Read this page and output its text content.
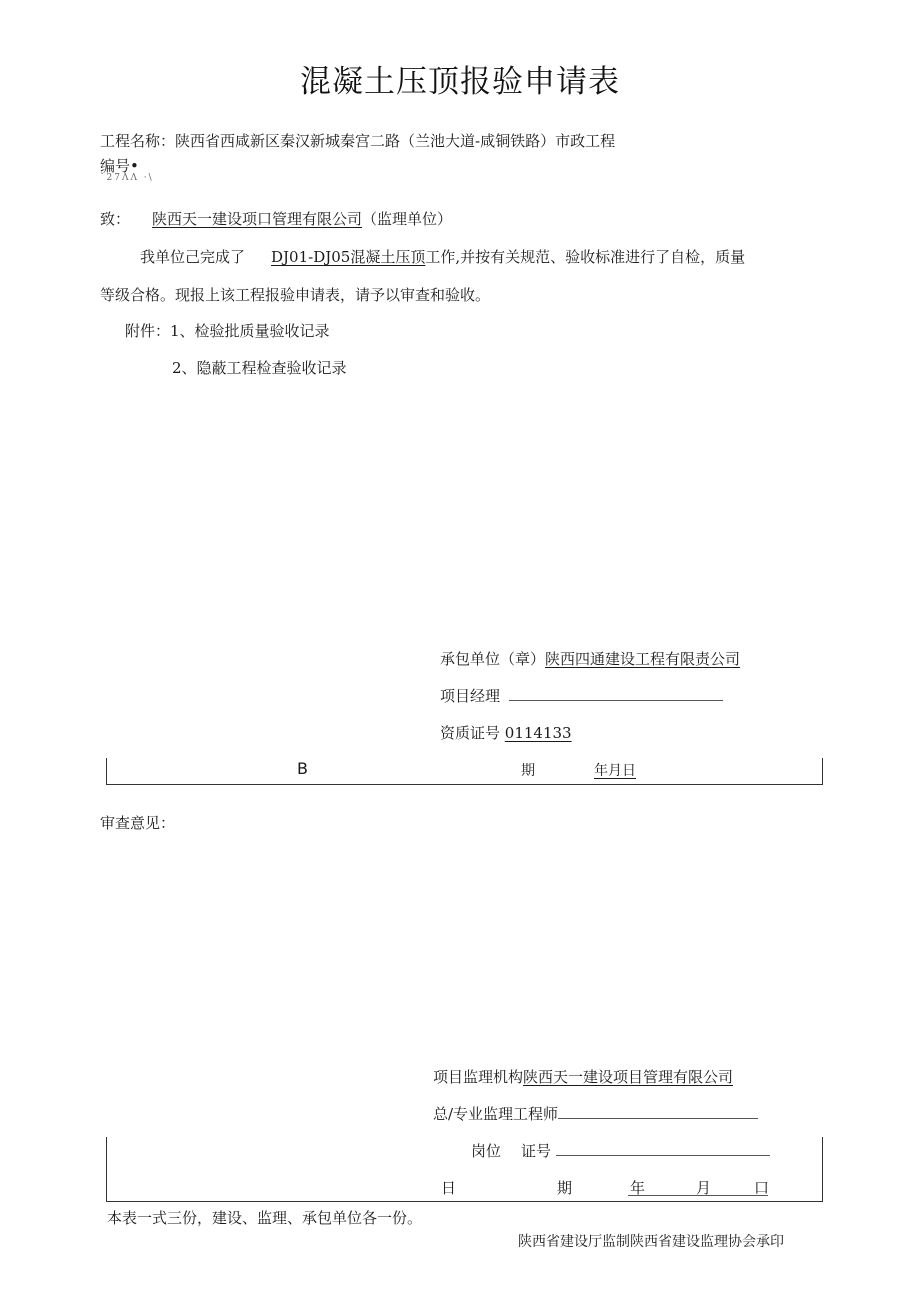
混凝土压顶报验申请表
工程名称：陕西省西咸新区秦汉新城秦宫二路（兰池大道-咸铜铁路）市政工程
编号•
ˇ27ΛΛ ·\
致： 陕西天一建设项口管理有限公司（监理单位）
我单位己完成了 DJ01-DJ05混凝土压顶工作,并按有关规范、验收标准进行了自检，质量
等级合格。现报上该工程报验申请表，请予以审查和验收。
附件：1、检验批质量验收记录
2、隐蔽工程检查验收记录
承包单位（章）陕西四通建设工程有限责公司
项目经理
资质证号 0114133
B	期	年月日
审查意见：
项目监理机构陕西天一建设项目管理有限公司
总/专业监理工程师
岗位 证号
日	期	年	月	口
本表一式三份，建设、监理、承包单位各一份。
陕西省建设厅监制陕西省建设监理协会承印
